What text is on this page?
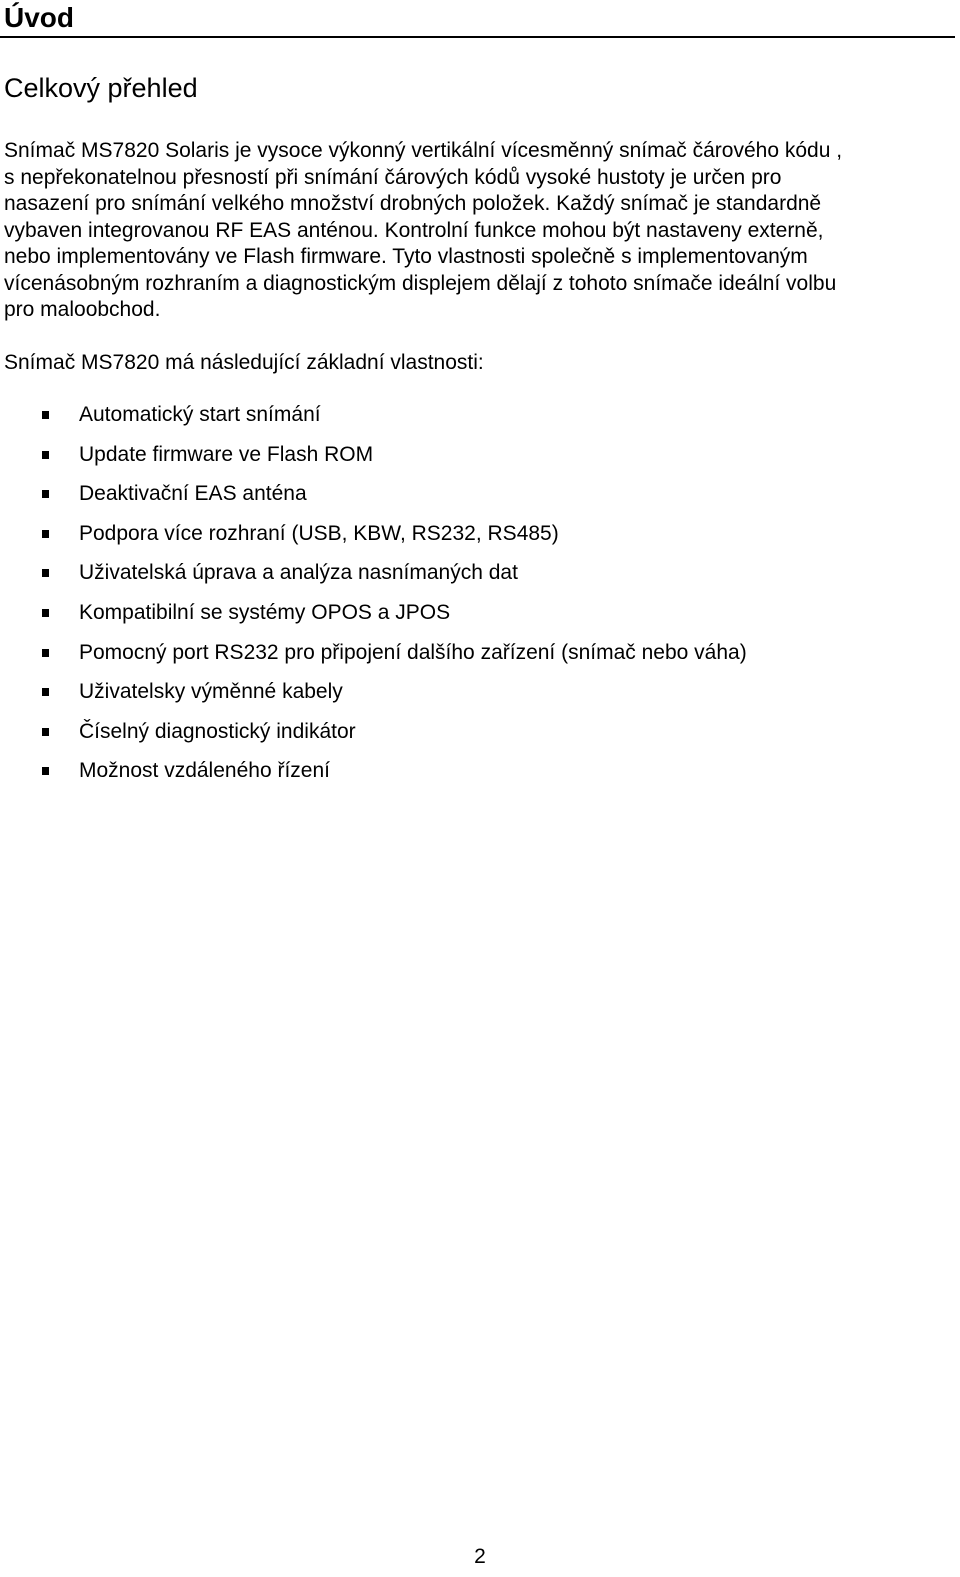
Úvod
Celkový přehled

Snímač MS7820 Solaris je vysoce výkonný vertikální vícesměnný snímač čárového kódu ,
s nepřekonatelnou přesností při snímání čárových kódů vysoké hustoty je určen pro
nasazení pro snímání velkého množství drobných položek. Každý snímač je standardně
vybaven integrovanou RF EAS anténou. Kontrolní funkce mohou být nastaveny externě,
nebo implementovány ve Flash firmware. Tyto vlastnosti společně s implementovaným
vícenásobným rozhraním a diagnostickým displejem dělají z tohoto snímače ideální volbu
pro maloobchod.

Snímač MS7820 má následující základní vlastnosti:

Automatický start snímání
Update firmware ve Flash ROM
Deaktivační EAS anténa
Podpora více rozhraní (USB, KBW, RS232, RS485)
Uživatelská úprava a analýza nasnímaných dat
Kompatibilní se systémy OPOS a JPOS
Pomocný port RS232 pro připojení dalšího zařízení (snímač nebo váha)
Uživatelsky výměnné kabely
Číselný diagnostický indikátor
Možnost vzdáleného řízení
2
